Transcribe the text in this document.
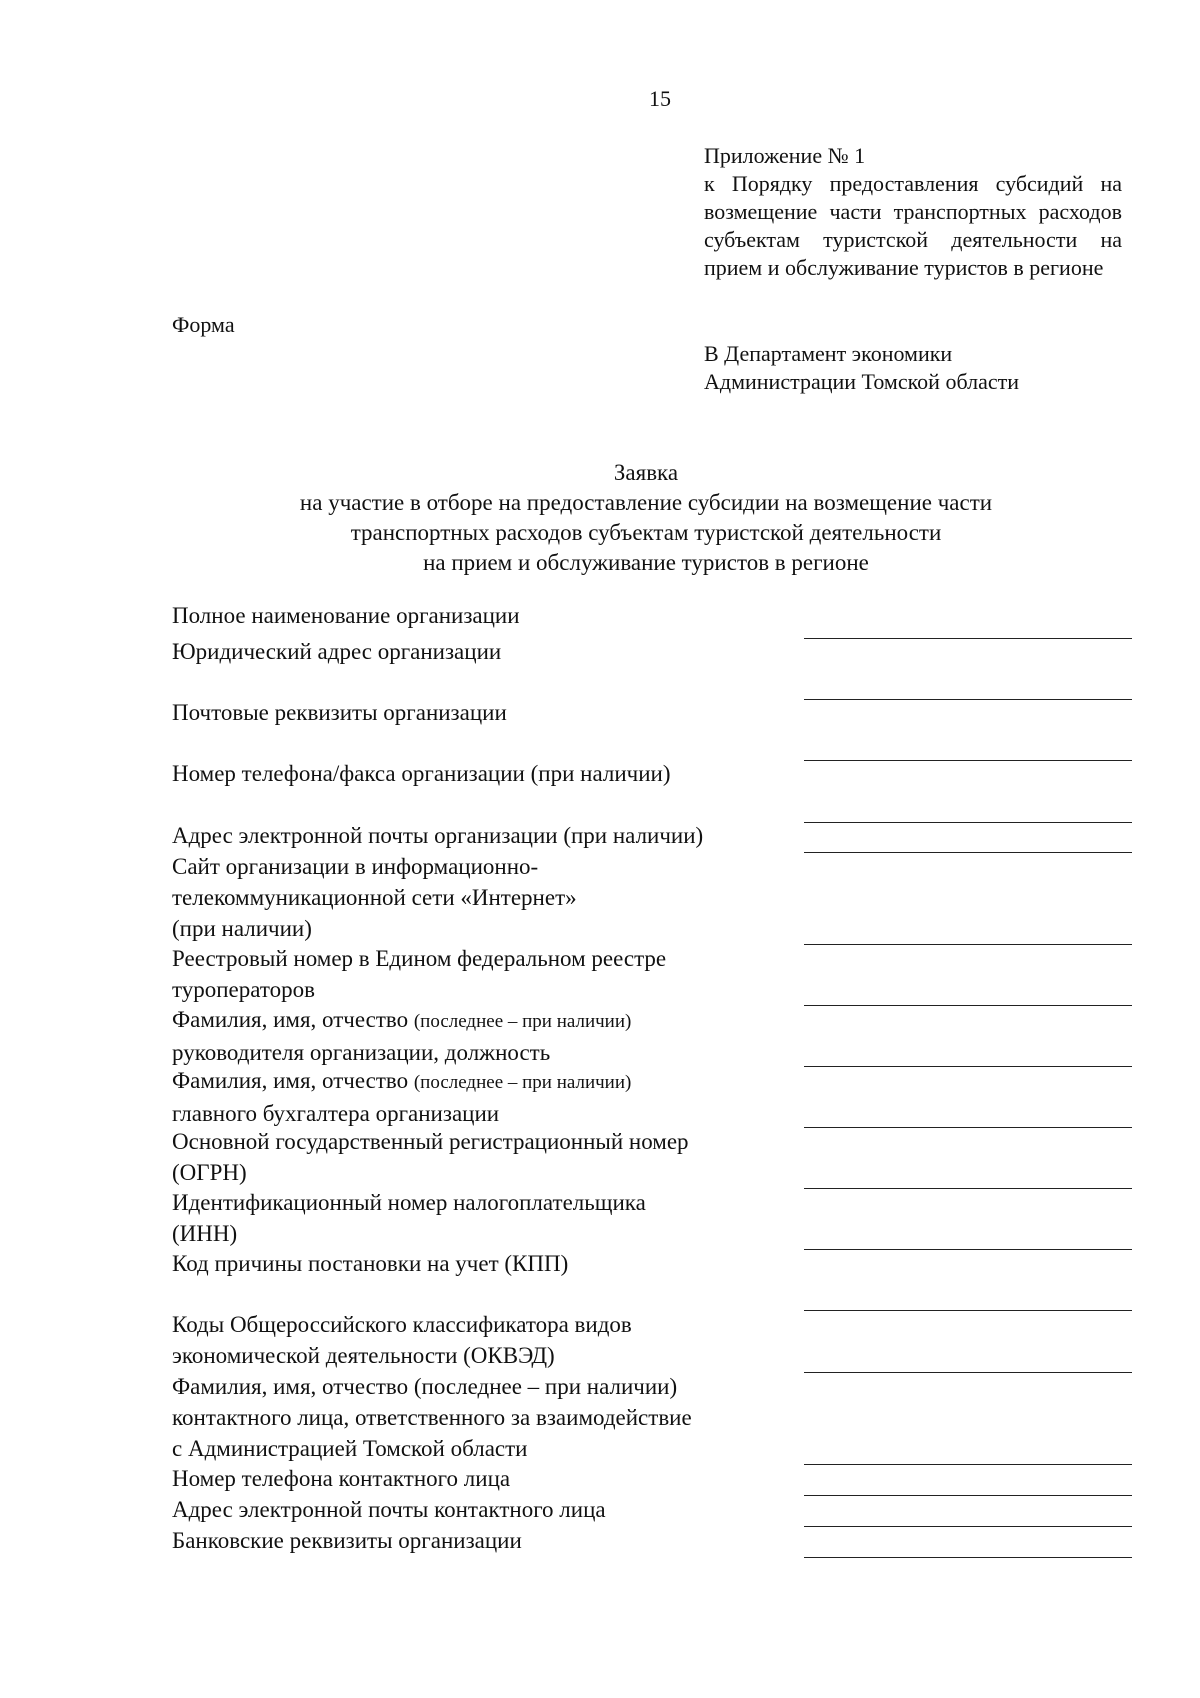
15
Приложение № 1
к Порядку предоставления субсидий на возмещение части транспортных расходов субъектам туристской деятельности на прием и обслуживание туристов в регионе
Форма
В Департамент экономики
Администрации Томской области
Заявка
на участие в отборе на предоставление субсидии на возмещение части
транспортных расходов субъектам туристской деятельности
на прием и обслуживание туристов в регионе
Полное наименование организации
Юридический адрес организации
Почтовые реквизиты организации
Номер телефона/факса организации (при наличии)
Адрес электронной почты организации (при наличии)
Сайт организации в информационно-
телекоммуникационной сети «Интернет»
(при наличии)
Реестровый номер в Едином федеральном реестре
туроператоров
Фамилия, имя, отчество (последнее – при наличии)
руководителя организации, должность
Фамилия, имя, отчество (последнее – при наличии)
главного бухгалтера организации
Основной государственный регистрационный номер
(ОГРН)
Идентификационный номер налогоплательщика
(ИНН)
Код причины постановки на учет (КПП)
Коды Общероссийского классификатора видов
экономической деятельности (ОКВЭД)
Фамилия, имя, отчество (последнее – при наличии)
контактного лица, ответственного за взаимодействие
с Администрацией Томской области
Номер телефона контактного лица
Адрес электронной почты контактного лица
Банковские реквизиты организации
